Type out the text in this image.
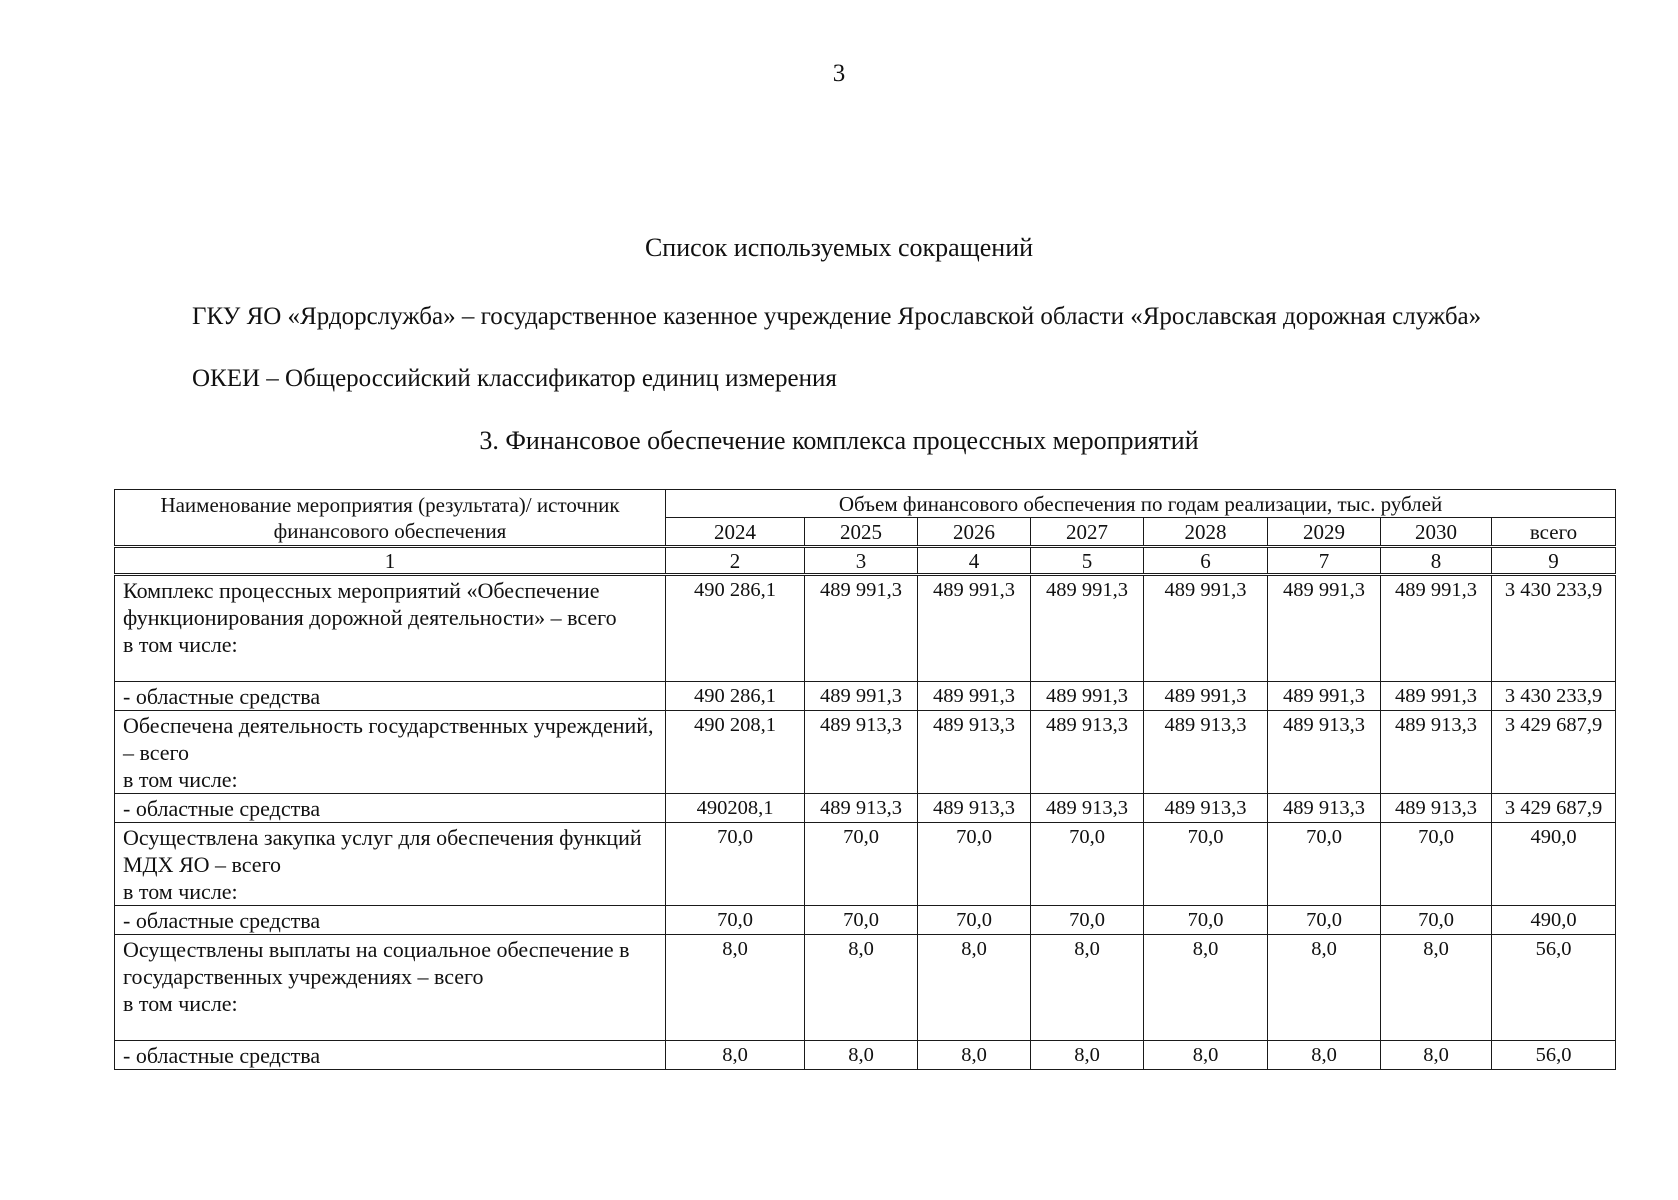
3
Список используемых сокращений
ГКУ ЯО «Ярдорслужба» – государственное казенное учреждение Ярославской области «Ярославская дорожная служба»
ОКЕИ – Общероссийский классификатор единиц измерения
3. Финансовое обеспечение комплекса процессных мероприятий
Наименование мероприятия (результата)/ источник финансового обеспечения	Объем финансового обеспечения по годам реализации, тыс. рублей							
	2024	2025	2026	2027	2028	2029	2030	всего
1	2	3	4	5	6	7	8	9
Комплекс процессных мероприятий «Обеспечение функционирования дорожной деятельности» – всего
в том числе:	490 286,1	489 991,3	489 991,3	489 991,3	489 991,3	489 991,3	489 991,3	3 430 233,9
- областные средства	490 286,1	489 991,3	489 991,3	489 991,3	489 991,3	489 991,3	489 991,3	3 430 233,9
Обеспечена деятельность государственных учреждений, – всего
в том числе:	490 208,1	489 913,3	489 913,3	489 913,3	489 913,3	489 913,3	489 913,3	3 429 687,9
- областные средства	490208,1	489 913,3	489 913,3	489 913,3	489 913,3	489 913,3	489 913,3	3 429 687,9
Осуществлена закупка услуг для обеспечения функций МДХ ЯО – всего
в том числе:	70,0	70,0	70,0	70,0	70,0	70,0	70,0	490,0
- областные средства	70,0	70,0	70,0	70,0	70,0	70,0	70,0	490,0
Осуществлены выплаты на социальное обеспечение в государственных учреждениях – всего
в том числе:	8,0	8,0	8,0	8,0	8,0	8,0	8,0	56,0
- областные средства	8,0	8,0	8,0	8,0	8,0	8,0	8,0	56,0
